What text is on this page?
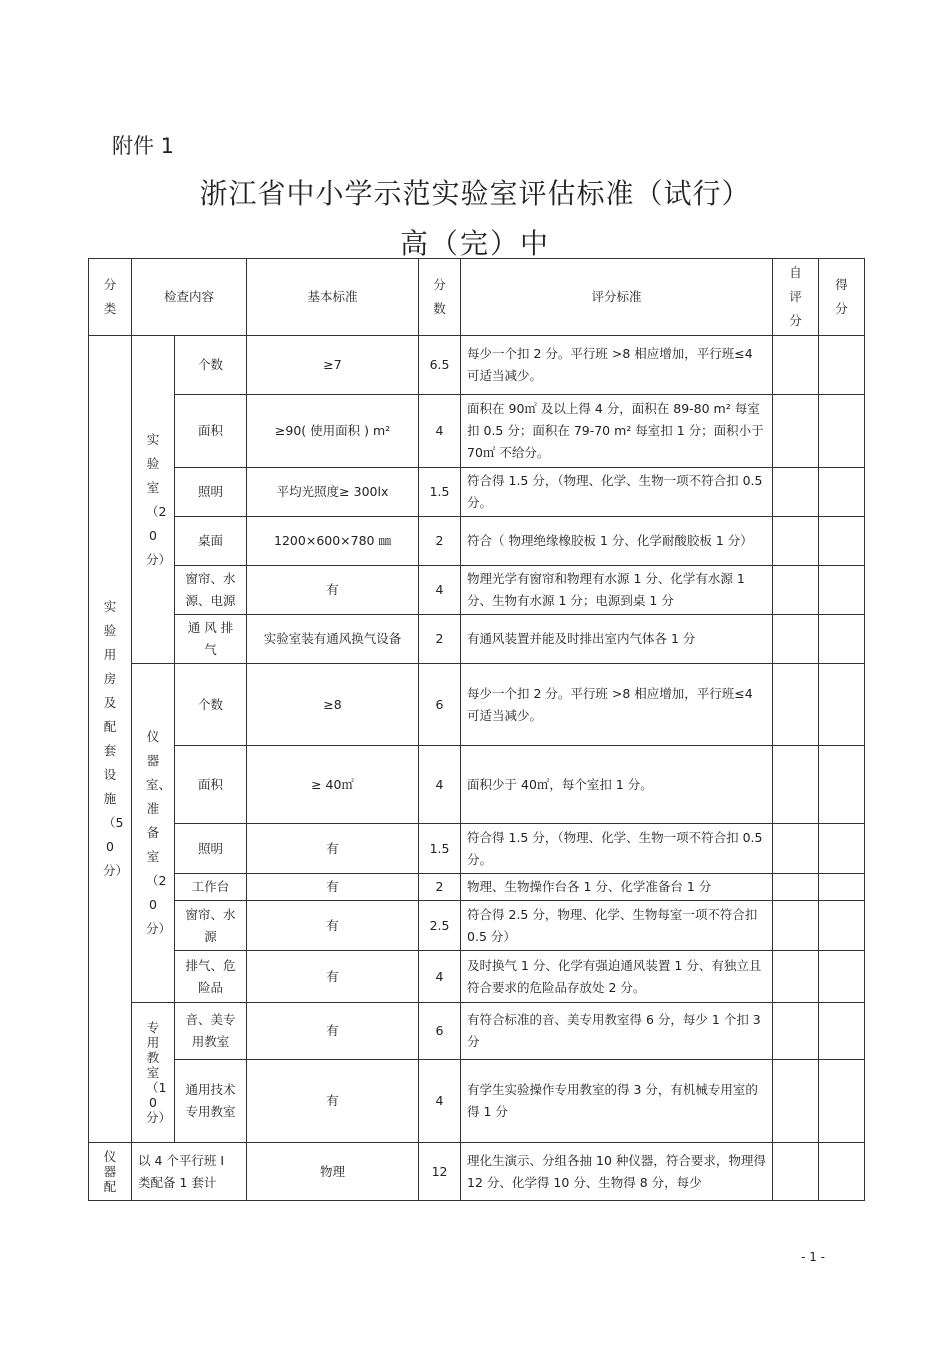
附件 1
浙江省中小学示范实验室评估标准（试行）
高（完）中
分类	检查内容		基本标准	分数	评分标准	自评分	得分

实验用房及配套设施（50分）	实验室（20分）	个数	≥7	6.5	每少一个扣 2 分。平行班 >8 相应增加，平行班≤4 可适当减少。		
		面积	≥90( 使用面积 ) m²	4	面积在 90㎡ 及以上得 4 分，面积在 89-80 m² 每室扣 0.5 分；面积在 79-70 m² 每室扣 1 分；面积小于 70㎡ 不给分。		
		照明	平均光照度≥ 300lx	1.5	符合得 1.5 分，（物理、化学、生物一项不符合扣 0.5 分。		
		桌面	1200×600×780 ㎜	2	符合（ 物理绝缘橡胶板 1 分、化学耐酸胶板 1 分）		
		窗帘、水源、电源	有	4	物理光学有窗帘和物理有水源 1 分、化学有水源 1 分、生物有水源 1 分；电源到桌 1 分		
		通 风 排 气	实验室装有通风换气设备	2	有通风装置并能及时排出室内气体各 1 分		

	仪器室、准备室（20分）	个数	≥8	6	每少一个扣 2 分。平行班 >8 相应增加，平行班≤4 可适当减少。		
		面积	≥ 40㎡	4	面积少于 40㎡，每个室扣 1 分。		
		照明	有	1.5	符合得 1.5 分，（物理、化学、生物一项不符合扣 0.5 分。		
		工作台	有	2	物理、生物操作台各 1 分、化学准备台 1 分		
		窗帘、水源	有	2.5	符合得 2.5 分，物理、化学、生物每室一项不符合扣 0.5 分）		
		排气、危险品	有	4	及时换气 1 分、化学有强迫通风装置 1 分、有独立且符合要求的危险品存放处 2 分。		

	专用教室（10分）	音、美专用教室	有	6	有符合标准的音、美专用教室得 6 分，每少 1 个扣 3 分		
		通用技术专用教室	有	4	有学生实验操作专用教室的得 3 分，有机械专用室的得 1 分		

仪器配	以 4 个平行班 I 类配备 1 套计		物理	12	理化生演示、分组各抽 10 种仪器，符合要求，物理得 12 分、化学得 10 分、生物得 8 分，每少		
- 1 -
